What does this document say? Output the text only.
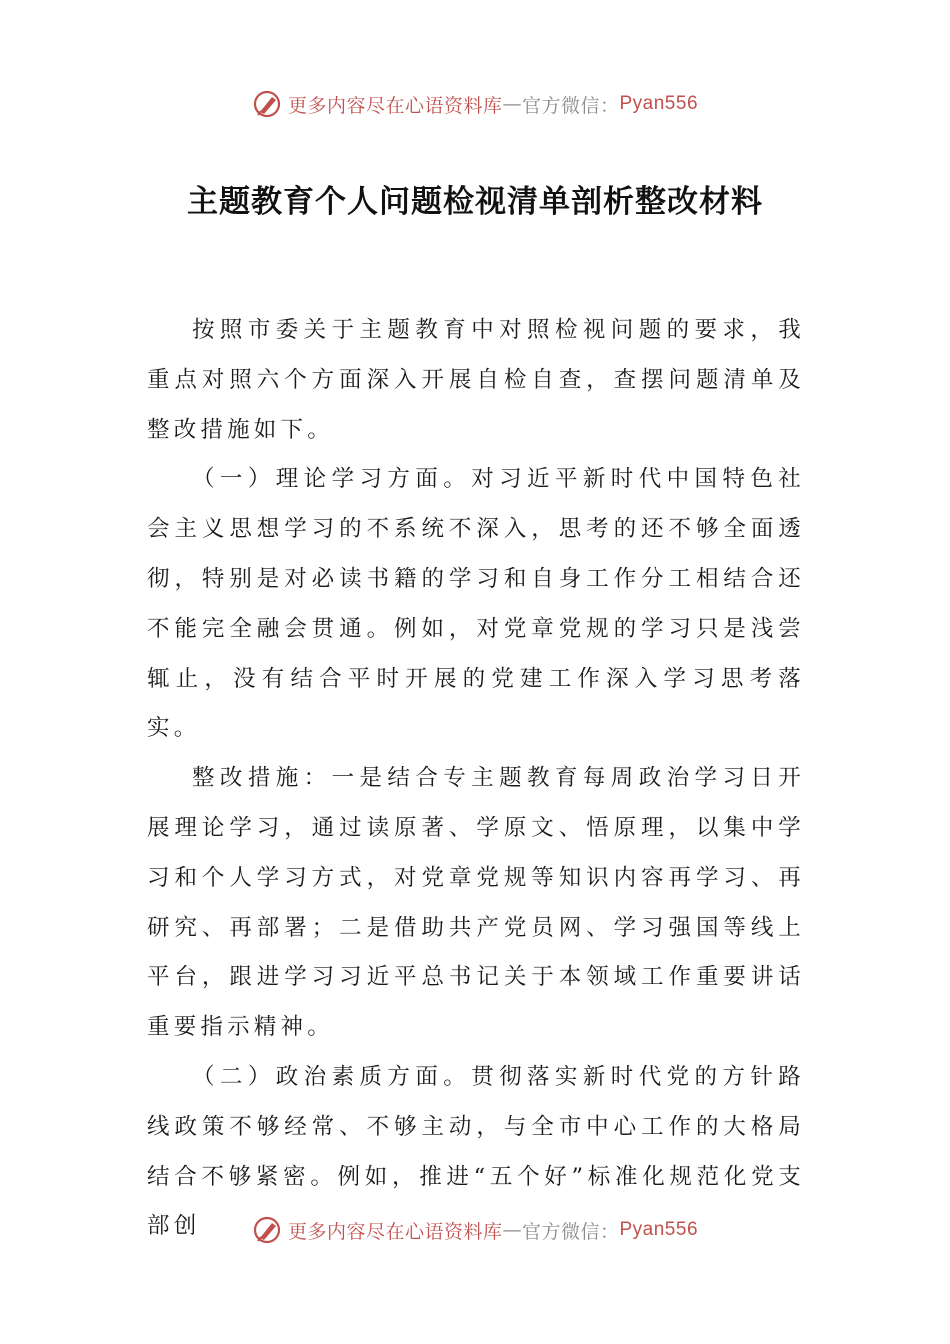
更多内容尽在心语资料库 — 官方微信： Pyan556
主题教育个人问题检视清单剖析整改材料

按照市委关于主题教育中对照检视问题的要求，我重点对照六个方面深入开展自检自查，查摆问题清单及整改措施如下。

（一）理论学习方面。对习近平新时代中国特色社会主义思想学习的不系统不深入，思考的还不够全面透彻，特别是对必读书籍的学习和自身工作分工相结合还不能完全融会贯通。例如，对党章党规的学习只是浅尝辄止，没有结合平时开展的党建工作深入学习思考落实。

整改措施：一是结合专主题教育每周政治学习日开展理论学习，通过读原著、学原文、悟原理，以集中学习和个人学习方式，对党章党规等知识内容再学习、再研究、再部署；二是借助共产党员网、学习强国等线上平台，跟进学习习近平总书记关于本领域工作重要讲话重要指示精神。

（二）政治素质方面。贯彻落实新时代党的方针路线政策不够经常、不够主动，与全市中心工作的大格局结合不够紧密。例如，推进“五个好”标准化规范化党支部创	更多内容尽在心语资料库 — 官方微信： Pyan556
